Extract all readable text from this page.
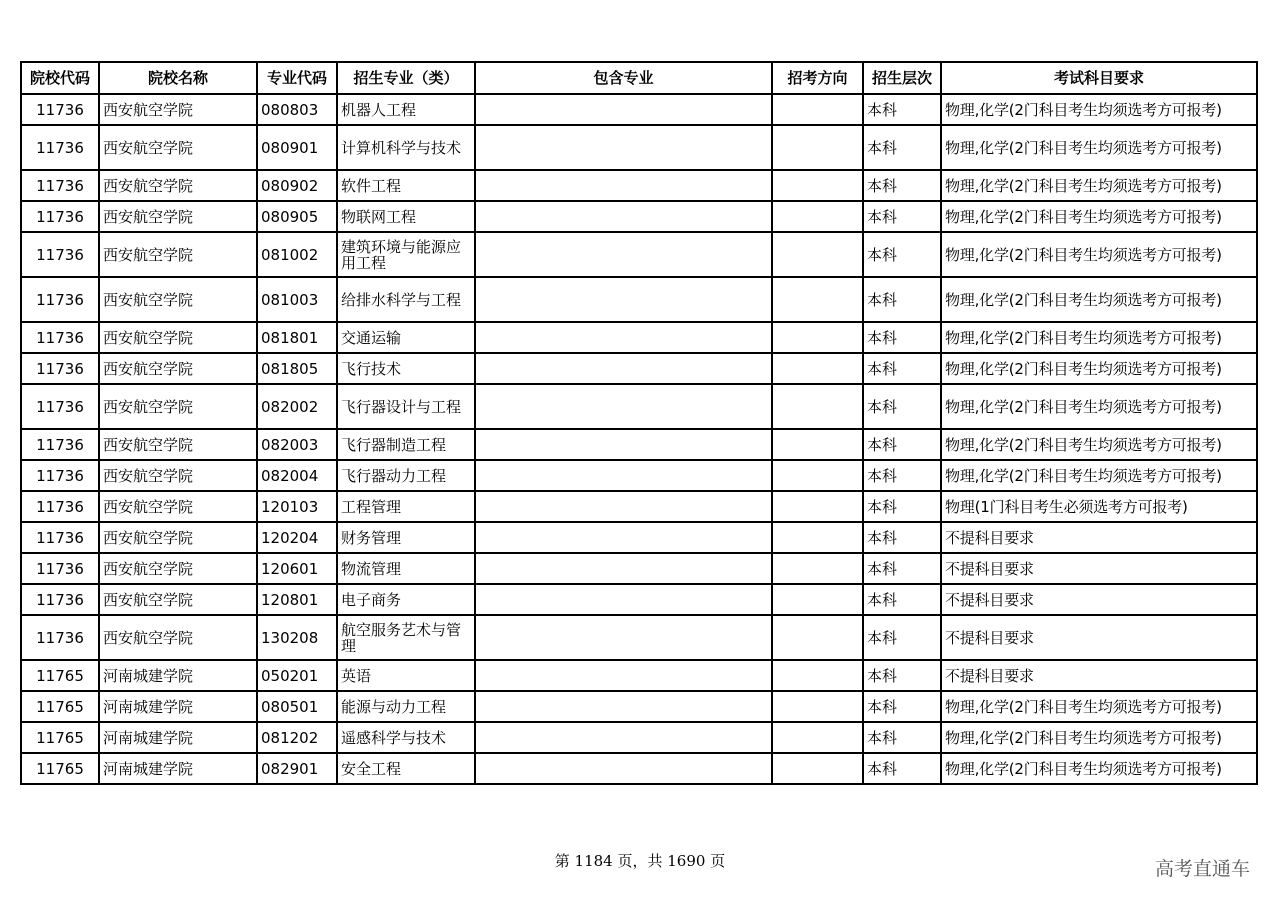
院校代码	院校名称	专业代码	招生专业（类）	包含专业	招考方向	招生层次	考试科目要求
11736	西安航空学院	080803	机器人工程			本科	物理,化学(2门科目考生均须选考方可报考)
11736	西安航空学院	080901	计算机科学与技术			本科	物理,化学(2门科目考生均须选考方可报考)
11736	西安航空学院	080902	软件工程			本科	物理,化学(2门科目考生均须选考方可报考)
11736	西安航空学院	080905	物联网工程			本科	物理,化学(2门科目考生均须选考方可报考)
11736	西安航空学院	081002	建筑环境与能源应用工程			本科	物理,化学(2门科目考生均须选考方可报考)
11736	西安航空学院	081003	给排水科学与工程			本科	物理,化学(2门科目考生均须选考方可报考)
11736	西安航空学院	081801	交通运输			本科	物理,化学(2门科目考生均须选考方可报考)
11736	西安航空学院	081805	飞行技术			本科	物理,化学(2门科目考生均须选考方可报考)
11736	西安航空学院	082002	飞行器设计与工程			本科	物理,化学(2门科目考生均须选考方可报考)
11736	西安航空学院	082003	飞行器制造工程			本科	物理,化学(2门科目考生均须选考方可报考)
11736	西安航空学院	082004	飞行器动力工程			本科	物理,化学(2门科目考生均须选考方可报考)
11736	西安航空学院	120103	工程管理			本科	物理(1门科目考生必须选考方可报考)
11736	西安航空学院	120204	财务管理			本科	不提科目要求
11736	西安航空学院	120601	物流管理			本科	不提科目要求
11736	西安航空学院	120801	电子商务			本科	不提科目要求
11736	西安航空学院	130208	航空服务艺术与管理			本科	不提科目要求
11765	河南城建学院	050201	英语			本科	不提科目要求
11765	河南城建学院	080501	能源与动力工程			本科	物理,化学(2门科目考生均须选考方可报考)
11765	河南城建学院	081202	遥感科学与技术			本科	物理,化学(2门科目考生均须选考方可报考)
11765	河南城建学院	082901	安全工程			本科	物理,化学(2门科目考生均须选考方可报考)
第 1184 页，共 1690 页	高考直通车
